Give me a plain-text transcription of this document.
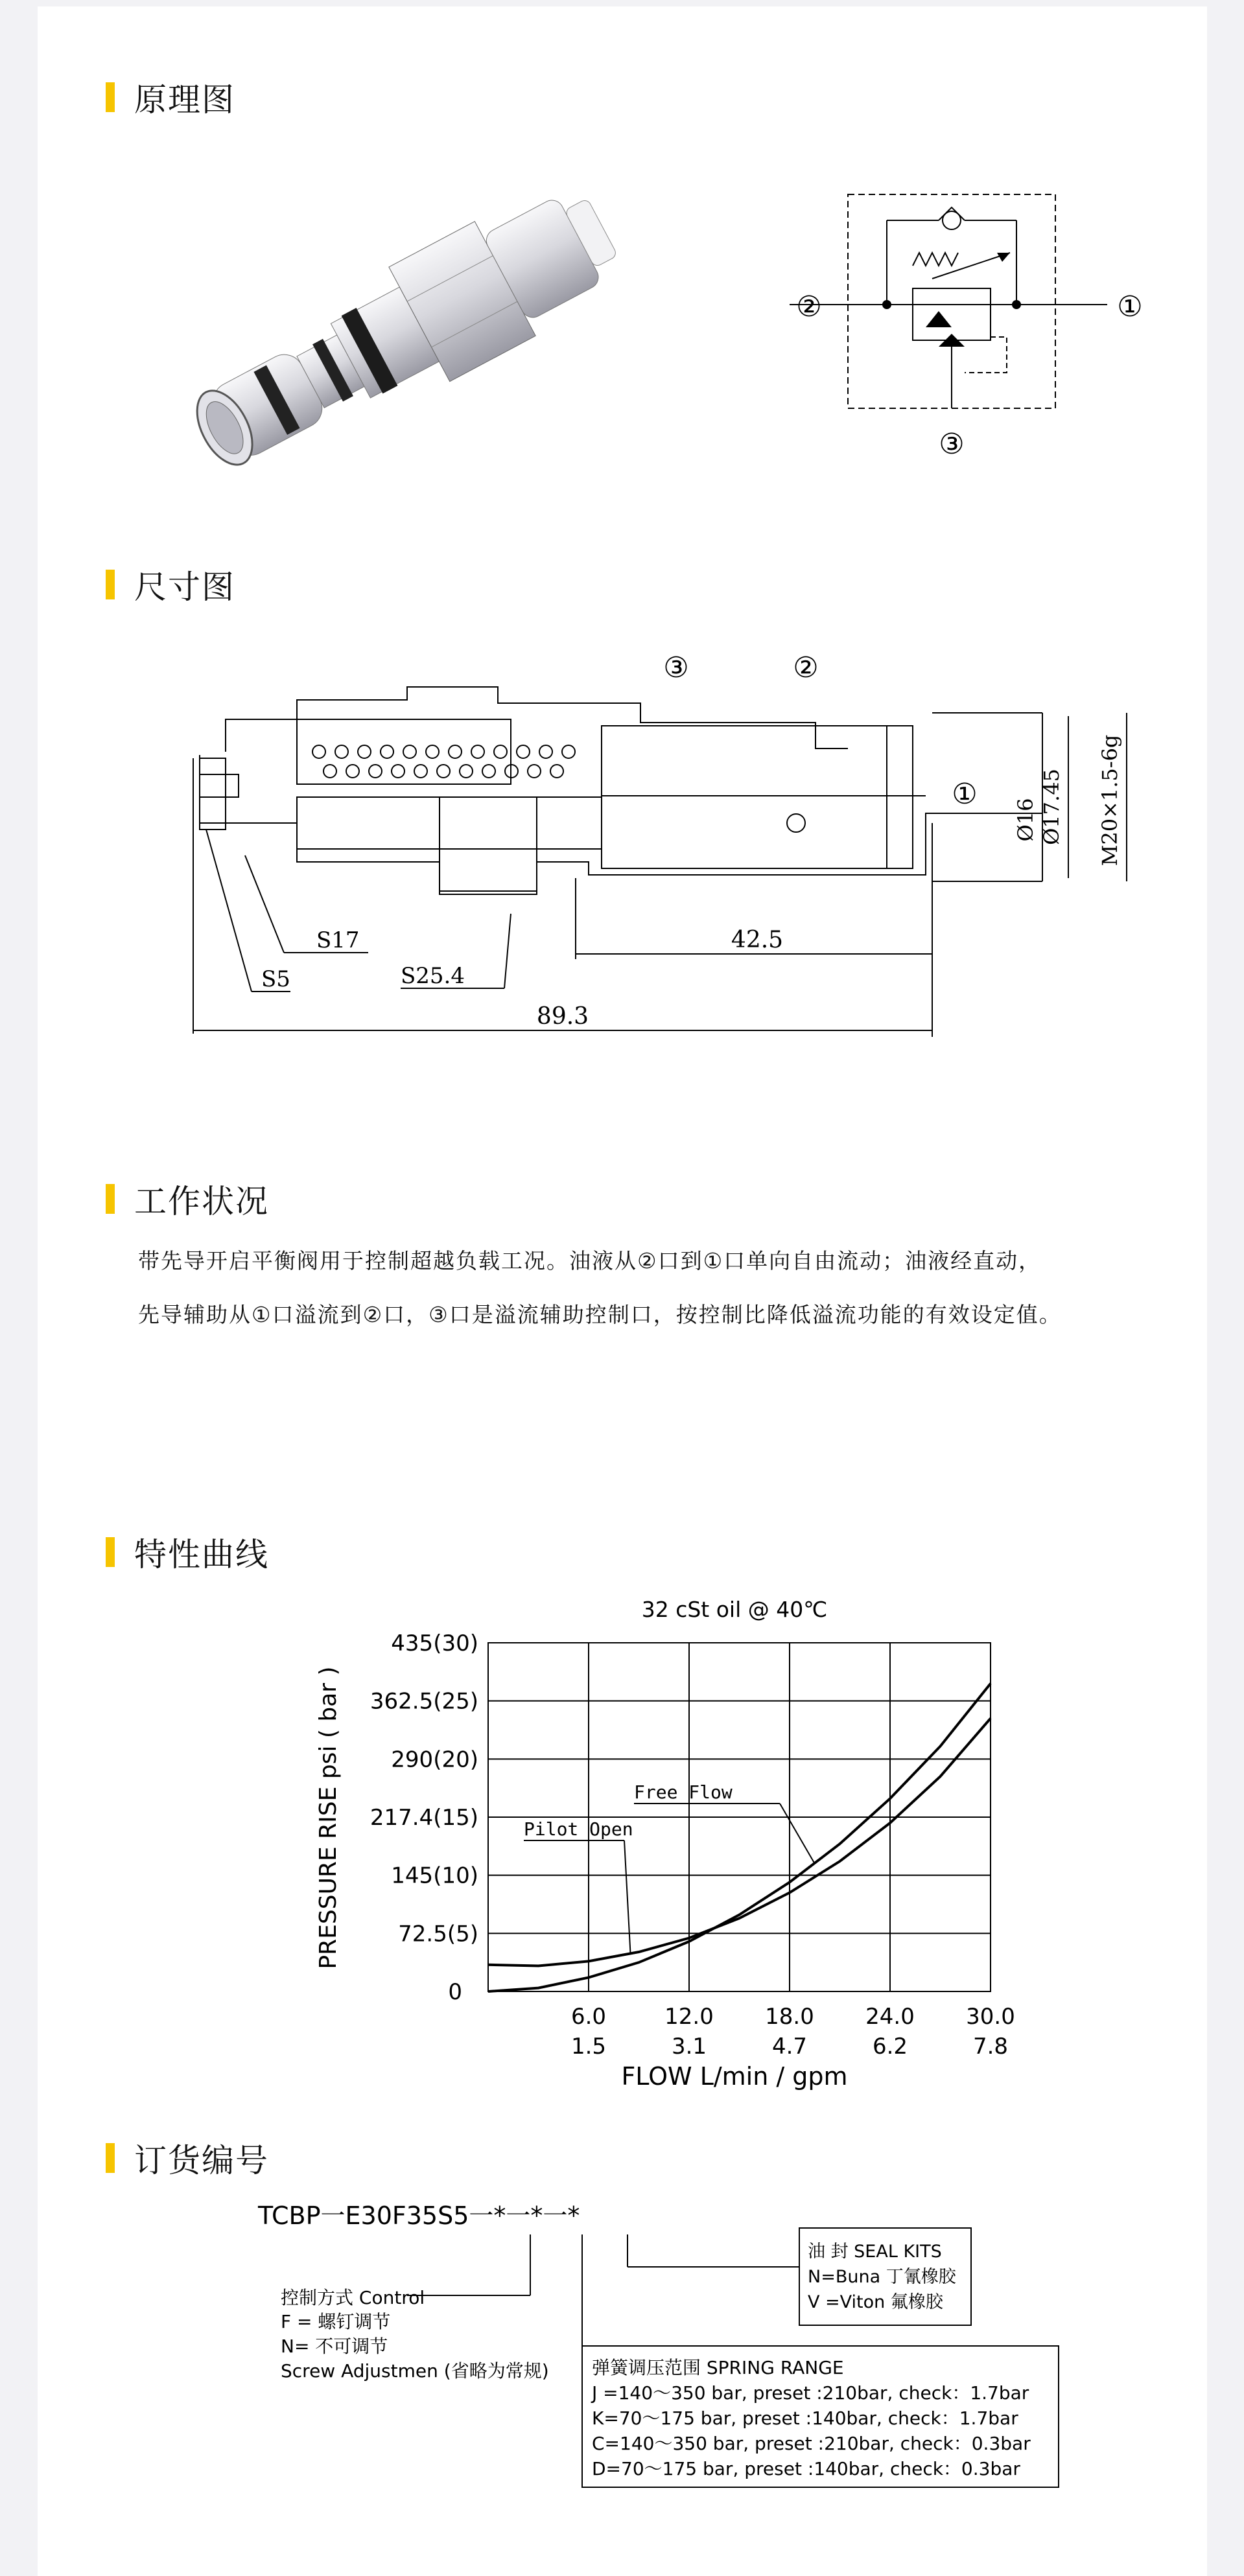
原理图
②	①
③
尺寸图
③	②
①
S17
S5	S25.4
42.5
89.3
Ø16 Ø17.45 M20×1.5-6g
工作状况
带先导开启平衡阀用于控制超越负载工况。油液从②口到①口单向自由流动；油液经直动，
先导辅助从①口溢流到②口，③口是溢流辅助控制口，按控制比降低溢流功能的有效设定值。
特性曲线
32 cSt oil @ 40℃
PRESSURE RISE psi ( bar )
FLOW L/min / gpm
0
72.5(5)
145(10)
217.4(15)
290(20)
362.5(25)
435(30)
6.0
1.5
12.0
3.1
18.0
4.7
24.0
6.2
30.0
7.8
Pilot Open
Free Flow
订货编号
TCBP一E30F35S5一*一*一*
控制方式 Control
F = 螺钉调节
N= 不可调节
Screw Adjustmen (省略为常规)
油 封 SEAL KITS
N=Buna 丁氰橡胶
V =Viton 氟橡胶
弹簧调压范围 SPRING RANGE
J =140～350 bar, preset :210bar, check：1.7bar
K=70～175 bar, preset :140bar, check：1.7bar
C=140～350 bar, preset :210bar, check：0.3bar
D=70～175 bar, preset :140bar, check：0.3bar
